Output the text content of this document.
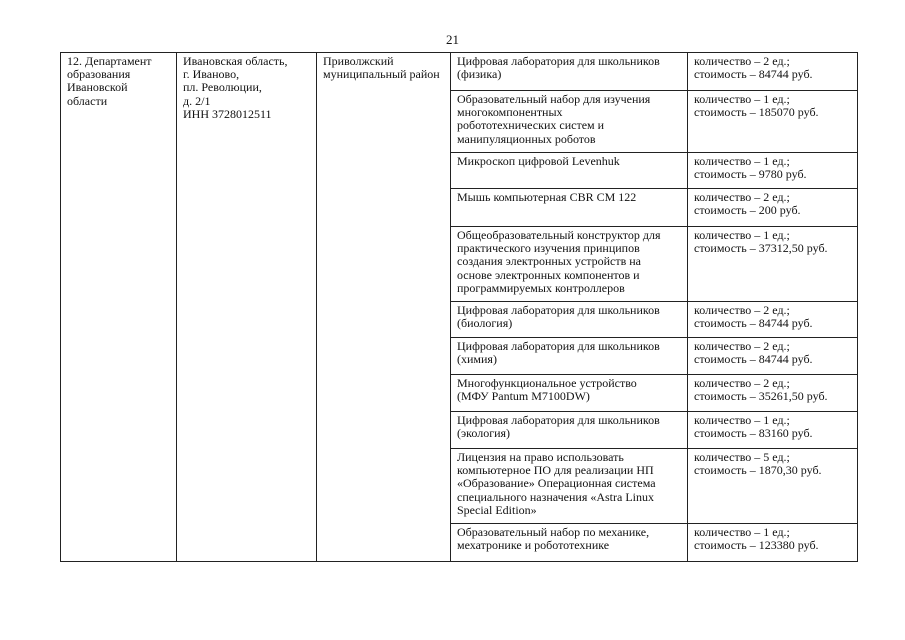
21
12. Департамент
образования
Ивановской
области	Ивановская область,
г. Иваново,
пл. Революции,
д. 2/1
ИНН 3728012511	Приволжский
муниципальный район	Цифровая лаборатория для школьников
(физика)	количество – 2 ед.;
стоимость – 84744 руб.

			Образовательный набор для изучения
многокомпонентных
робототехнических систем и
манипуляционных роботов	количество – 1 ед.;
стоимость – 185070 руб.

			Микроскоп цифровой Levenhuk	количество – 1 ед.;
стоимость – 9780 руб.

			Мышь компьютерная CBR CM 122	количество – 2 ед.;
стоимость – 200 руб.

			Общеобразовательный конструктор для
практического изучения принципов
создания электронных устройств на
основе электронных компонентов и
программируемых контроллеров	количество – 1 ед.;
стоимость – 37312,50 руб.

			Цифровая лаборатория для школьников
(биология)	количество – 2 ед.;
стоимость – 84744 руб.

			Цифровая лаборатория для школьников
(химия)	количество – 2 ед.;
стоимость – 84744 руб.

			Многофункциональное устройство
(МФУ Pantum M7100DW)	количество – 2 ед.;
стоимость – 35261,50 руб.

			Цифровая лаборатория для школьников
(экология)	количество – 1 ед.;
стоимость – 83160 руб.

			Лицензия на право использовать
компьютерное ПО для реализации НП
«Образование» Операционная система
специального назначения «Astra Linux
Special Edition»	количество – 5 ед.;
стоимость – 1870,30 руб.

			Образовательный набор по механике,
мехатронике и робототехнике	количество – 1 ед.;
стоимость – 123380 руб.
